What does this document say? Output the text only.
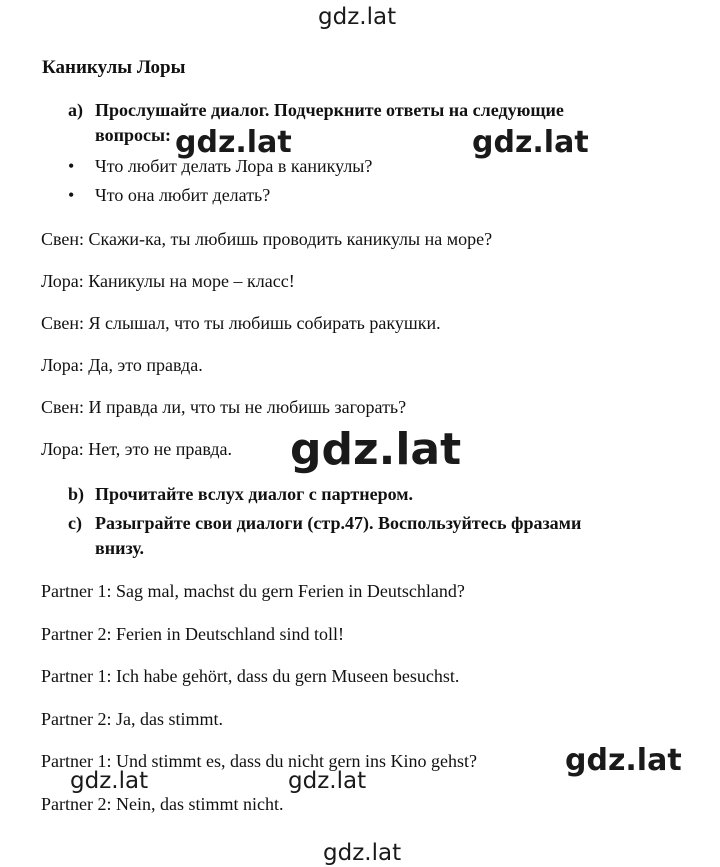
gdz.lat
Каникулы Лоры
a) Прослушайте диалог. Подчеркните ответы на следующие
вопросы: gdz.lat	gdz.lat
• Что любит делать Лора в каникулы?
• Что она любит делать?
Свен: Скажи-ка, ты любишь проводить каникулы на море?
Лора: Каникулы на море – класс!
Свен: Я слышал, что ты любишь собирать ракушки.
Лора: Да, это правда.
Свен: И правда ли, что ты не любишь загорать?
Лора: Нет, это не правда. gdz.lat
b) Прочитайте вслух диалог с партнером.
c) Разыграйте свои диалоги (стр.47). Воспользуйтесь фразами
внизу.
Partner 1: Sag mal, machst du gern Ferien in Deutschland?
Partner 2: Ferien in Deutschland sind toll!
Partner 1: Ich habe gehört, dass du gern Museen besuchst.
Partner 2: Ja, das stimmt.
Partner 1: Und stimmt es, dass du nicht gern ins Kino gehst?
Partner 2: Nein, das stimmt nicht.
gdz.lat
gdz.lat	gdz.lat
gdz.lat
